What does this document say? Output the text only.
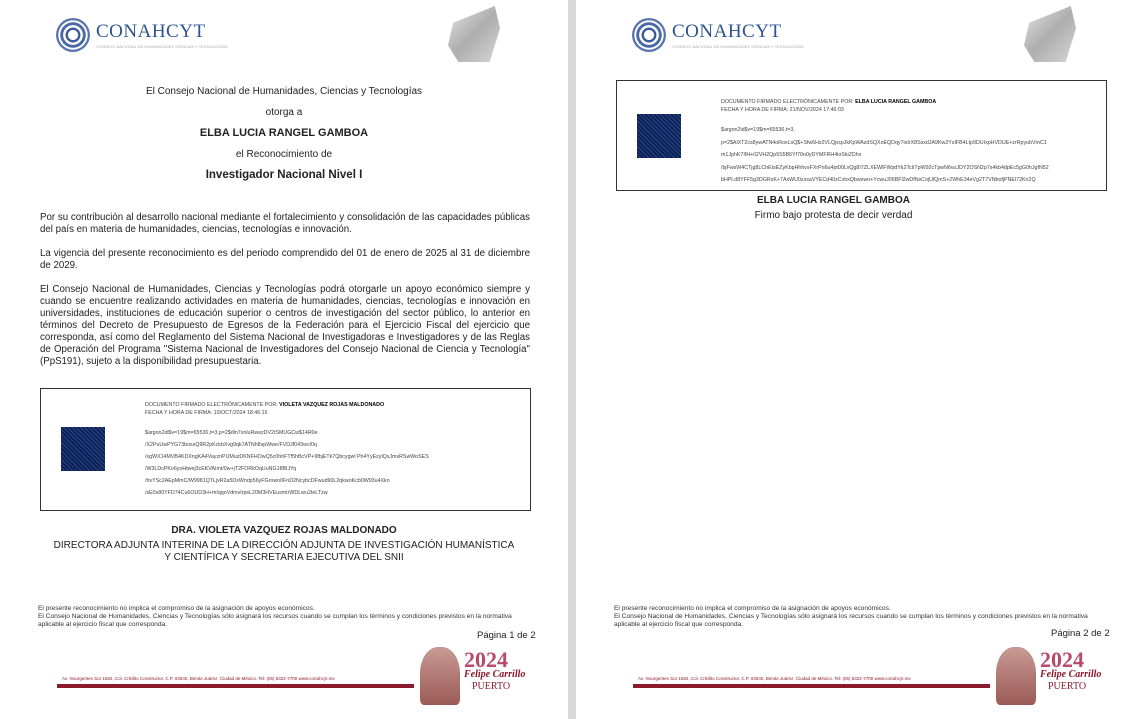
CONAHCYT
CONSEJO NACIONAL DE HUMANIDADES CIENCIAS Y TECNOLOGÍAS
El Consejo Nacional de Humanidades, Ciencias y Tecnologías
otorga a
ELBA LUCIA RANGEL GAMBOA
el Reconocimiento de
Investigador Nacional Nivel I
Por su contribución al desarrollo nacional mediante el fortalecimiento y consolidación de las capacidades públicas del país en materia de humanidades, ciencias, tecnologías e innovación.
La vigencia del presente reconocimiento es del periodo comprendido del 01 de enero de 2025 al 31 de diciembre de 2029.
El Consejo Nacional de Humanidades, Ciencias y Tecnologías podrá otorgarle un apoyo económico siempre y cuando se encuentre realizando actividades en materia de humanidades, ciencias, tecnologías e innovación en universidades, instituciones de educación superior o centros de investigación del sector público, lo anterior en términos del Decreto de Presupuesto de Egresos de la Federación para el Ejercicio Fiscal del ejercicio que corresponda, así como del Reglamento del Sistema Nacional de Investigadoras e Investigadores y de las Reglas de Operación del Programa "Sistema Nacional de Investigadores del Consejo Nacional de Ciencia y Tecnología" (PpS191), sujeto a la disponibilidad presupuestaria.
DOCUMENTO FIRMADO ELECTRÓNICAMENTE POR: VIOLETA VAZQUEZ ROJAS MALDONADO
FECHA Y HORA DE FIRMA: 10/OCT/2024 18:46:16
$argon2id$v=19$m=65536,t=3,p=2$dln7xnluRwezDV2tSMUGCw$14R0e
/X2PuUwPYG73bossQ9R2pKckbXvg9qk7ATNh8spWwe/FVDJf043wvI0q
/xgWX14MVB4KDXngKA4VayznPUMuzDKNFHOwQ5c0hhFTf5hBcVP+9fbjETk7Qbcygwl Ph4YyEzylQsJmsRSwWoSES
/W3LDcPKo6yoHtwej3cEKVAImt/0w+jT2FORkOqUuNG18BIJYq
/hsYSc2AEpMmC/W9981QTLjvR2a5DsWndp56yFGrowo0FnD2NcybcDFwud90L2qkwoKcb0W93u4Xkn
/sE0s80YFD74Cu6OUD3H+mIqqoVdmvIrpsL20M3HVEusmtrWDLwu2teLTzw
DRA. VIOLETA VAZQUEZ ROJAS MALDONADO
DIRECTORA ADJUNTA INTERINA DE LA DIRECCIÓN ADJUNTA DE INVESTIGACIÓN HUMANÍSTICA Y CIENTÍFICA Y SECRETARIA EJECUTIVA DEL SNII
El presente reconocimiento no implica el compromiso de la asignación de apoyos económicos.
El Consejo Nacional de Humanidades, Ciencias y Tecnologías sólo asignará los recursos cuando se cumplan los términos y condiciones previstos en la normativa aplicable al ejercicio fiscal que corresponda.
Página 1 de 2
Av. Insurgentes Sur 1582, Col. Crédito Constructor, C.P. 03940, Benito Juárez, Ciudad de México. Tel: (55) 5322-7700 www.conahcyt.mx
2024
Felipe Carrillo
PUERTO
CONAHCYT
CONSEJO NACIONAL DE HUMANIDADES CIENCIAS Y TECNOLOGÍAS
DOCUMENTO FIRMADO ELECTRÓNICAMENTE POR: ELBA LUCIA RANGEL GAMBOA
FECHA Y HORA DE FIRMA: 21/NOV/2024 17:46:03
$argon2id$v=19$m=65536,t=3,
p=2$AlXT2cs8ywATN4oRoxLsQ$+Sfw6Hz2VLQpspJkKpWAzdSQXoEQDqy7isIrX8SsxdJA9Kw2YsIFB4Ltp9DUIxpHVDUE+zrRpyubVmC1
m1JphK7IfH+iI2VH2Qp5S5B6Yf70o0yDYMFRH4ioSkiZDhx
/bjFwsW4CTjg8LChEtsEZyKbpHhhvsFXrPn6u4pt00LvQg8I7ZLXEWlFWpdYk2TcIiTpW92cTpwN6vuJDY2OSN2p7s4kb4dpEc5gG0hJgfN52
bHPLd8YFF5g3DGRsK+7AxWU0zxsaVYECd40zCvbxQbwswo+YcwuJ06BFl2wDfNsCojUlQmS+2WhE34eVg2T7VNbofjPNEl72Kn2Q
ELBA LUCIA RANGEL GAMBOA
Firmo bajo protesta de decir verdad
El presente reconocimiento no implica el compromiso de la asignación de apoyos económicos.
El Consejo Nacional de Humanidades, Ciencias y Tecnologías sólo asignará los recursos cuando se cumplan los términos y condiciones previstos en la normativa aplicable al ejercicio fiscal que corresponda.
Página 2 de 2
Av. Insurgentes Sur 1582, Col. Crédito Constructor, C.P. 03940, Benito Juárez, Ciudad de México. Tel: (55) 5322-7700 www.conahcyt.mx
2024
Felipe Carrillo
PUERTO
